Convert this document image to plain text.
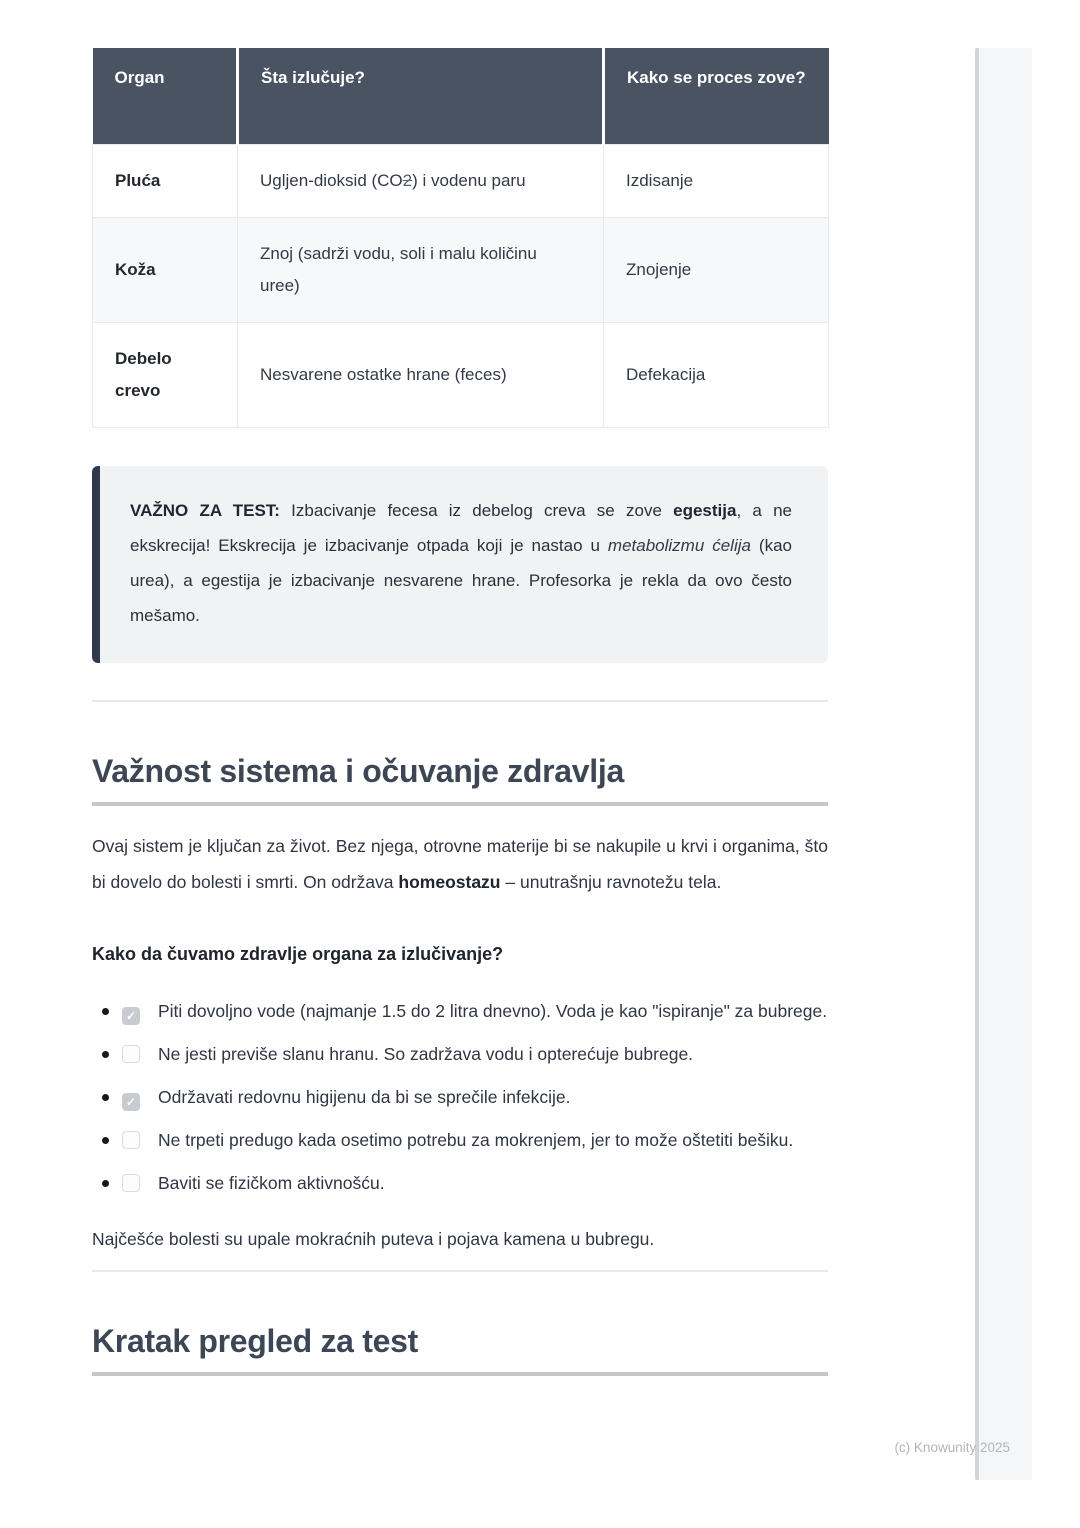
Organ	Šta izlučuje?	Kako se proces zove?
Pluća	Ugljen-dioksid (CO2) i vodenu paru	Izdisanje
Koža	Znoj (sadrži vodu, soli i malu količinu uree)	Znojenje
Debelo crevo	Nesvarene ostatke hrane (feces)	Defekacija
VAŽNO ZA TEST: Izbacivanje fecesa iz debelog creva se zove egestija, a ne ekskrecija! Ekskrecija je izbacivanje otpada koji je nastao u metabolizmu ćelija (kao urea), a egestija je izbacivanje nesvarene hrane. Profesorka je rekla da ovo često mešamo.
Važnost sistema i očuvanje zdravlja

Ovaj sistem je ključan za život. Bez njega, otrovne materije bi se nakupile u krvi i organima, što bi dovelo do bolesti i smrti. On održava homeostazu – unutrašnju ravnotežu tela.

Kako da čuvamo zdravlje organa za izlučivanje?
✓ Piti dovoljno vode (najmanje 1.5 do 2 litra dnevno). Voda je kao "ispiranje" za bubrege.
Ne jesti previše slanu hranu. So zadržava vodu i opterećuje bubrege.
✓ Održavati redovnu higijenu da bi se sprečile infekcije.
Ne trpeti predugo kada osetimo potrebu za mokrenjem, jer to može oštetiti bešiku.
Baviti se fizičkom aktivnošću.

Najčešće bolesti su upale mokraćnih puteva i pojava kamena u bubregu.

Kratak pregled za test
(c) Knowunity 2025
